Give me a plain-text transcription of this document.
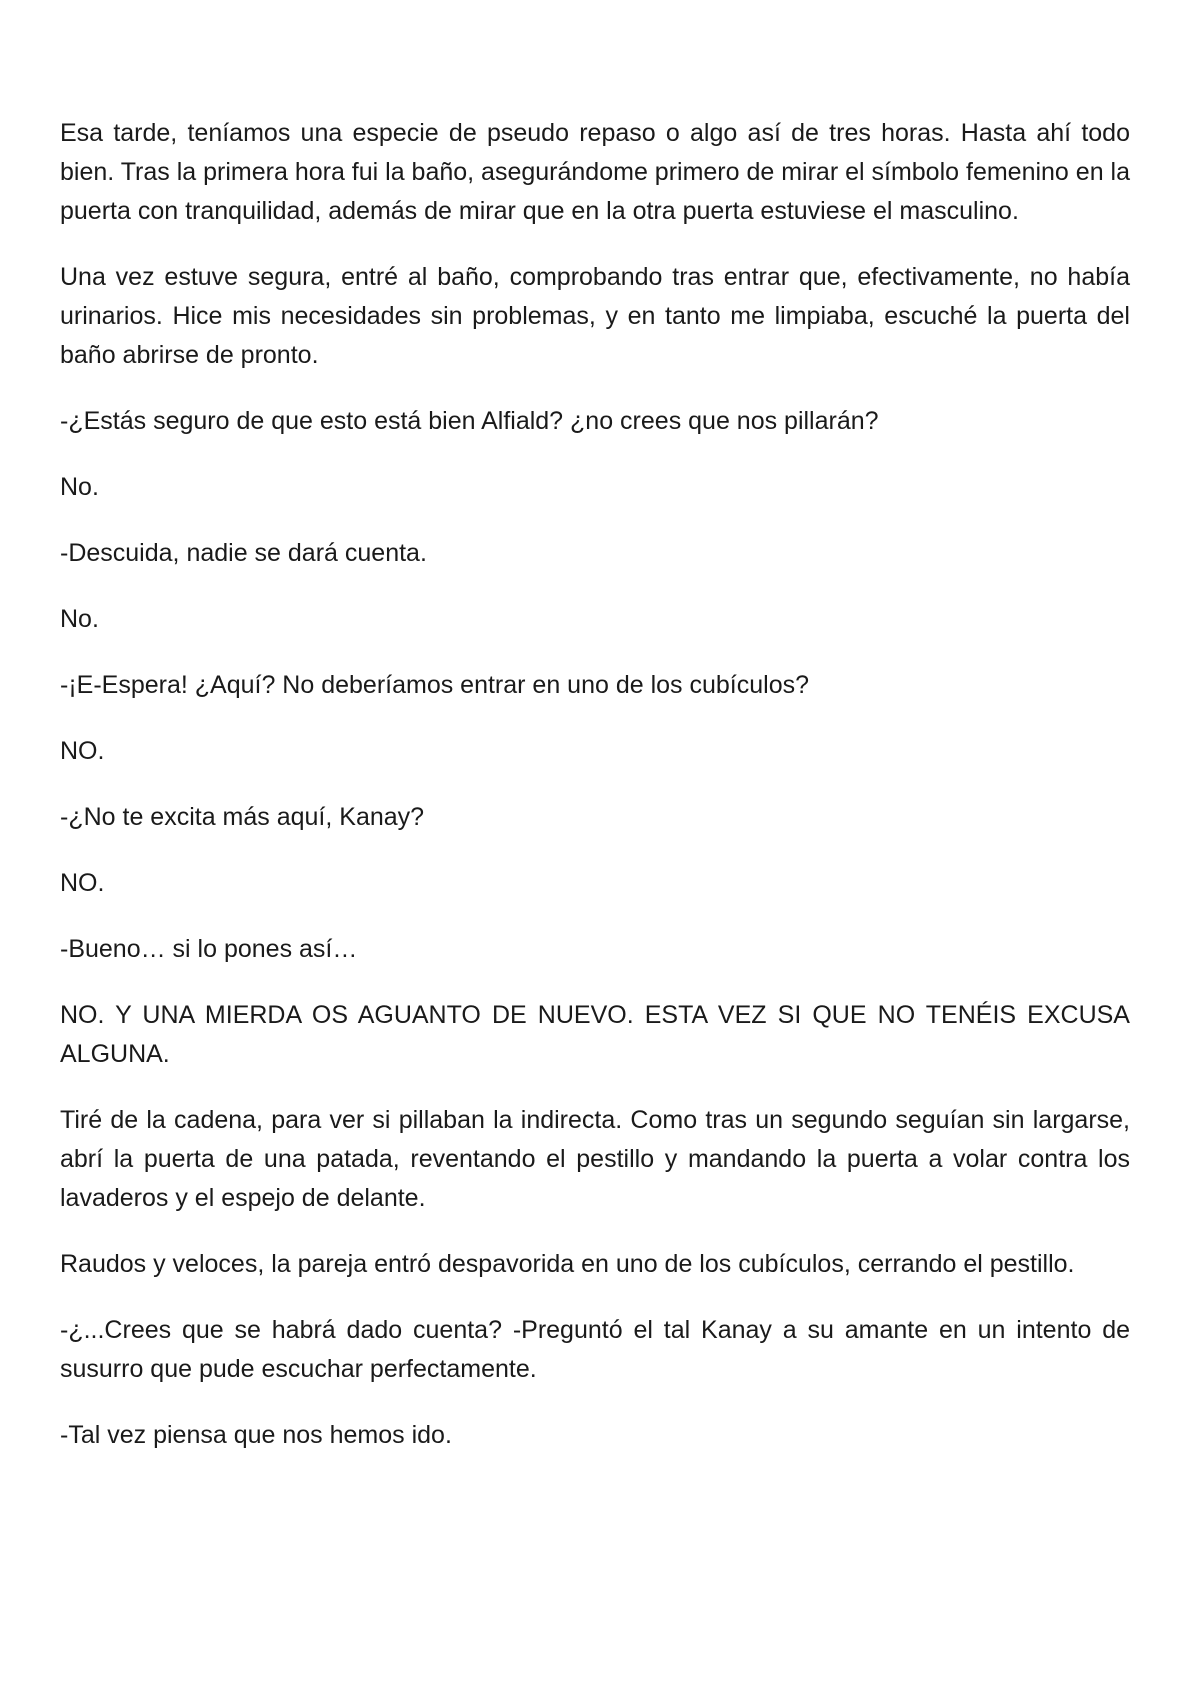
Esa tarde, teníamos una especie de pseudo repaso o algo así de tres horas. Hasta ahí todo bien. Tras la primera hora fui la baño, asegurándome primero de mirar el símbolo femenino en la puerta con tranquilidad, además de mirar que en la otra puerta estuviese el masculino.

Una vez estuve segura, entré al baño, comprobando tras entrar que, efectivamente, no había urinarios. Hice mis necesidades sin problemas, y en tanto me limpiaba, escuché la puerta del baño abrirse de pronto.

-¿Estás seguro de que esto está bien Alfiald? ¿no crees que nos pillarán?

No.

-Descuida, nadie se dará cuenta.

No.

-¡E-Espera! ¿Aquí? No deberíamos entrar en uno de los cubículos?

NO.

-¿No te excita más aquí, Kanay?

NO.

-Bueno… si lo pones así…

NO. Y UNA MIERDA OS AGUANTO DE NUEVO. ESTA VEZ SI QUE NO TENÉIS EXCUSA ALGUNA.

Tiré de la cadena, para ver si pillaban la indirecta. Como tras un segundo seguían sin largarse, abrí la puerta de una patada, reventando el pestillo y mandando la puerta a volar contra los lavaderos y el espejo de delante.

Raudos y veloces, la pareja entró despavorida en uno de los cubículos, cerrando el pestillo.

-¿...Crees que se habrá dado cuenta? -Preguntó el tal Kanay a su amante en un intento de susurro que pude escuchar perfectamente.

-Tal vez piensa que nos hemos ido.
